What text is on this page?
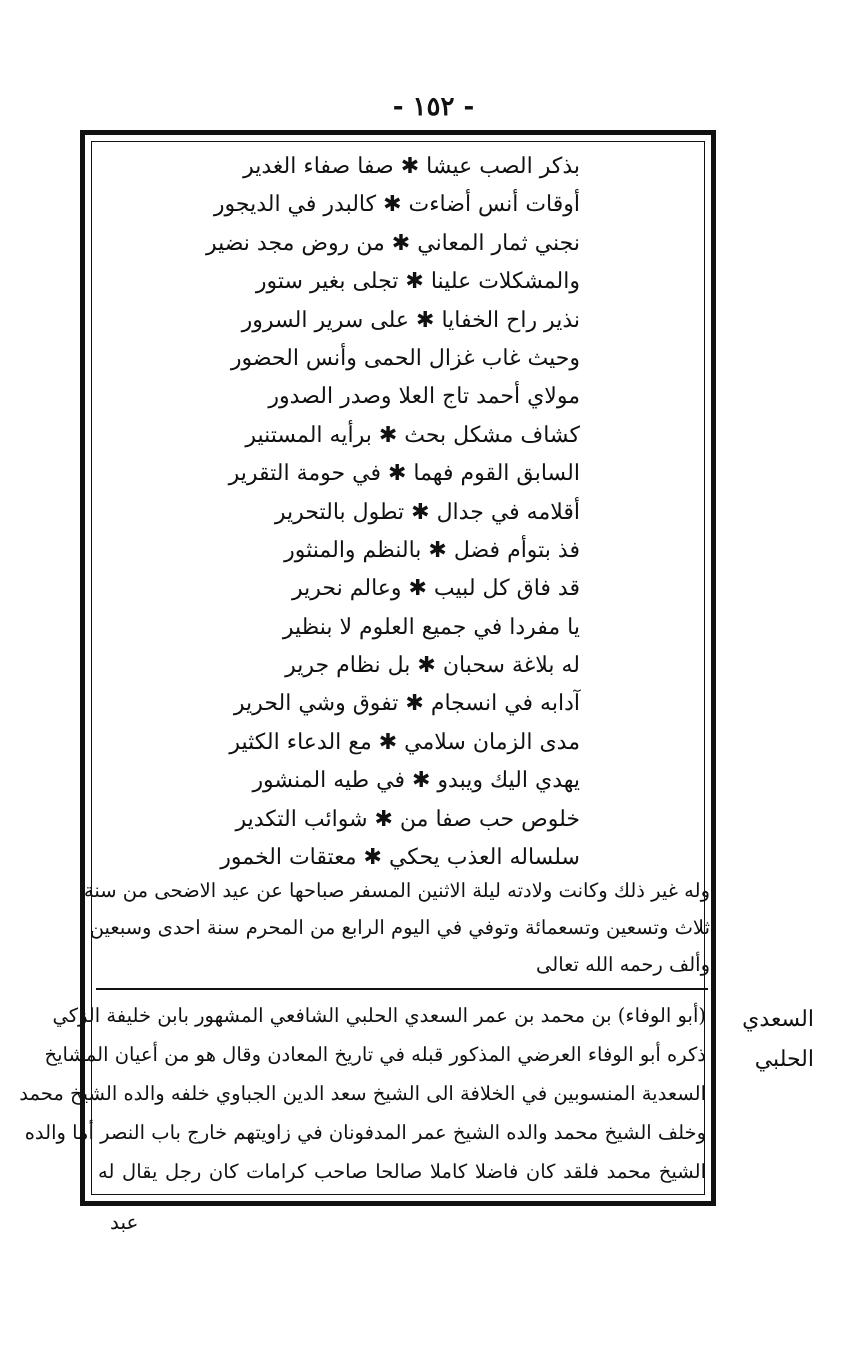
- ١٥٢ -
بذكر الصب عيشا ✱ صفا صفاء الغدير
أوقات أنس أضاءت ✱ كالبدر في الديجور
نجني ثمار المعاني ✱ من روض مجد نضير
والمشكلات علينا ✱ تجلى بغير ستور
نذير راح الخفايا ✱ على سرير السرور
وحيث غاب غزال الحمى وأنس الحضور
مولاي أحمد تاج العلا وصدر الصدور
كشاف مشكل بحث ✱ برأيه المستنير
السابق القوم فهما ✱ في حومة التقرير
أقلامه في جدال ✱ تطول بالتحرير
فذ بتوأم فضل ✱ بالنظم والمنثور
قد فاق كل لبيب ✱ وعالم نحرير
يا مفردا في جميع العلوم لا بنظير
له بلاغة سحبان ✱ بل نظام جرير
آدابه في انسجام ✱ تفوق وشي الحرير
مدى الزمان سلامي ✱ مع الدعاء الكثير
يهدي اليك ويبدو ✱ في طيه المنشور
خلوص حب صفا من ✱ شوائب التكدير
سلساله العذب يحكي ✱ معتقات الخمور
وله غير ذلك وكانت ولادته ليلة الاثنين المسفر صباحها عن عيد الاضحى من سنة
ثلاث وتسعين وتسعمائة وتوفي في اليوم الرابع من المحرم سنة احدى وسبعين
وألف رحمه الله تعالى
(أبو الوفاء) بن محمد بن عمر السعدي الحلبي الشافعي المشهور بابن خليفة الزكي
ذكره أبو الوفاء العرضي المذكور قبله في تاريخ المعادن وقال هو من أعيان المشايخ
السعدية المنسوبين في الخلافة الى الشيخ سعد الدين الجباوي خلفه والده الشيخ محمد
وخلف الشيخ محمد والده الشيخ عمر المدفونان في زاويتهم خارج باب النصر أما والده
الشيخ محمد فلقد كان فاضلا كاملا صالحا صاحب كرامات كان رجل يقال له
السعدي
الحلبي
عبد
